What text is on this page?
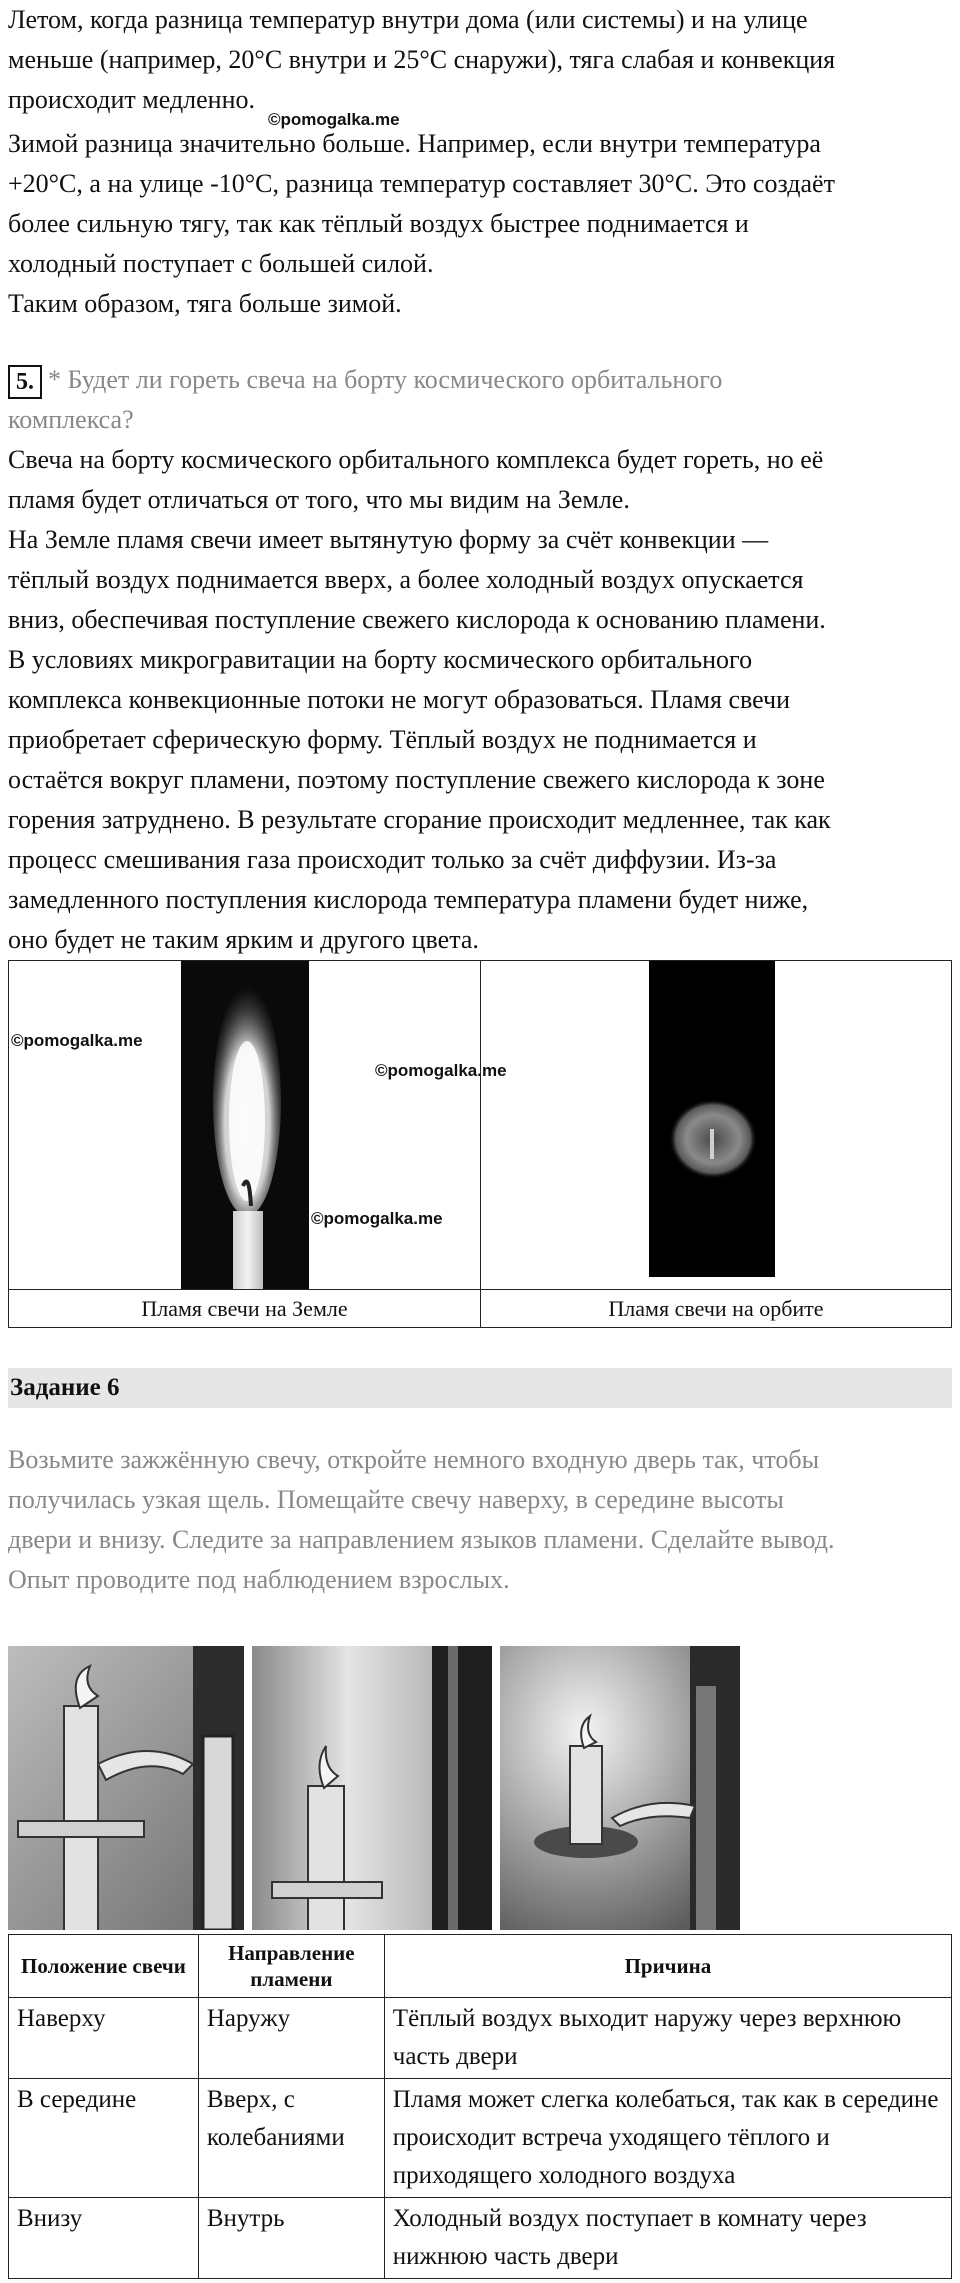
Летом, когда разница температур внутри дома (или системы) и на улице
меньше (например, 20°C внутри и 25°C снаружи), тяга слабая и конвекция
происходит медленно.
©pomogalka.me
Зимой разница значительно больше. Например, если внутри температура
+20°C, а на улице -10°C, разница температур составляет 30°C. Это создаёт
более сильную тягу, так как тёплый воздух быстрее поднимается и
холодный поступает с большей силой.
Таким образом, тяга больше зимой.
5. * Будет ли гореть свеча на борту космического орбитального
комплекса?
Свеча на борту космического орбитального комплекса будет гореть, но её
пламя будет отличаться от того, что мы видим на Земле.
На Земле пламя свечи имеет вытянутую форму за счёт конвекции —
тёплый воздух поднимается вверх, а более холодный воздух опускается
вниз, обеспечивая поступление свежего кислорода к основанию пламени.
В условиях микрогравитации на борту космического орбитального
комплекса конвекционные потоки не могут образоваться. Пламя свечи
приобретает сферическую форму. Тёплый воздух не поднимается и
остаётся вокруг пламени, поэтому поступление свежего кислорода к зоне
горения затруднено. В результате сгорание происходит медленнее, так как
процесс смешивания газа происходит только за счёт диффузии. Из-за
замедленного поступления кислорода температура пламени будет ниже,
оно будет не таким ярким и другого цвета.
©pomogalka.me
©pomogalka.me
©pomogalka.me
Пламя свечи на Земле	Пламя свечи на орбите
Задание 6
Возьмите зажжённую свечу, откройте немного входную дверь так, чтобы
получилась узкая щель. Помещайте свечу наверху, в середине высоты
двери и внизу. Следите за направлением языков пламени. Сделайте вывод.
Опыт проводите под наблюдением взрослых.
Положение свечи	Направление пламени	Причина
Наверху	Наружу	Тёплый воздух выходит наружу через верхнюю часть двери
В середине	Вверх, с колебаниями	Пламя может слегка колебаться, так как в середине происходит встреча уходящего тёплого и приходящего холодного воздуха
Внизу	Внутрь	Холодный воздух поступает в комнату через нижнюю часть двери
